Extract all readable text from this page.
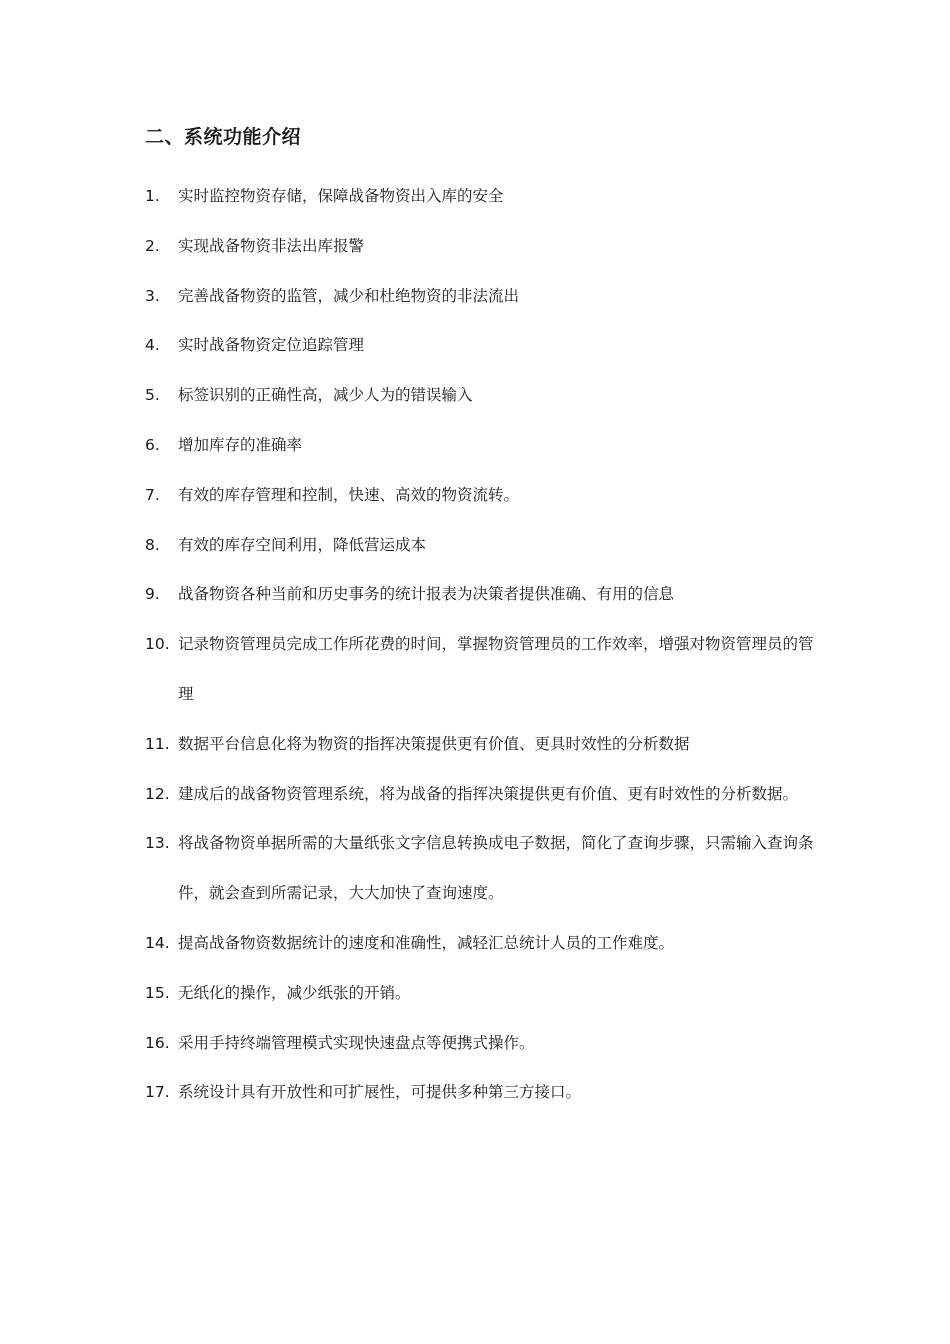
二、系统功能介绍
1. 实时监控物资存储，保障战备物资出入库的安全
2. 实现战备物资非法出库报警
3. 完善战备物资的监管，减少和杜绝物资的非法流出
4. 实时战备物资定位追踪管理
5. 标签识别的正确性高，减少人为的错误输入
6. 增加库存的准确率
7. 有效的库存管理和控制，快速、高效的物资流转。
8. 有效的库存空间利用，降低营运成本
9. 战备物资各种当前和历史事务的统计报表为决策者提供准确、有用的信息
10. 记录物资管理员完成工作所花费的时间，掌握物资管理员的工作效率，增强对物资管理员的管理
11. 数据平台信息化将为物资的指挥决策提供更有价值、更具时效性的分析数据
12. 建成后的战备物资管理系统，将为战备的指挥决策提供更有价值、更有时效性的分析数据。
13. 将战备物资单据所需的大量纸张文字信息转换成电子数据，简化了查询步骤，只需输入查询条件，就会查到所需记录，大大加快了查询速度。
14. 提高战备物资数据统计的速度和准确性，减轻汇总统计人员的工作难度。
15. 无纸化的操作，减少纸张的开销。
16. 采用手持终端管理模式实现快速盘点等便携式操作。
17. 系统设计具有开放性和可扩展性，可提供多种第三方接口。
